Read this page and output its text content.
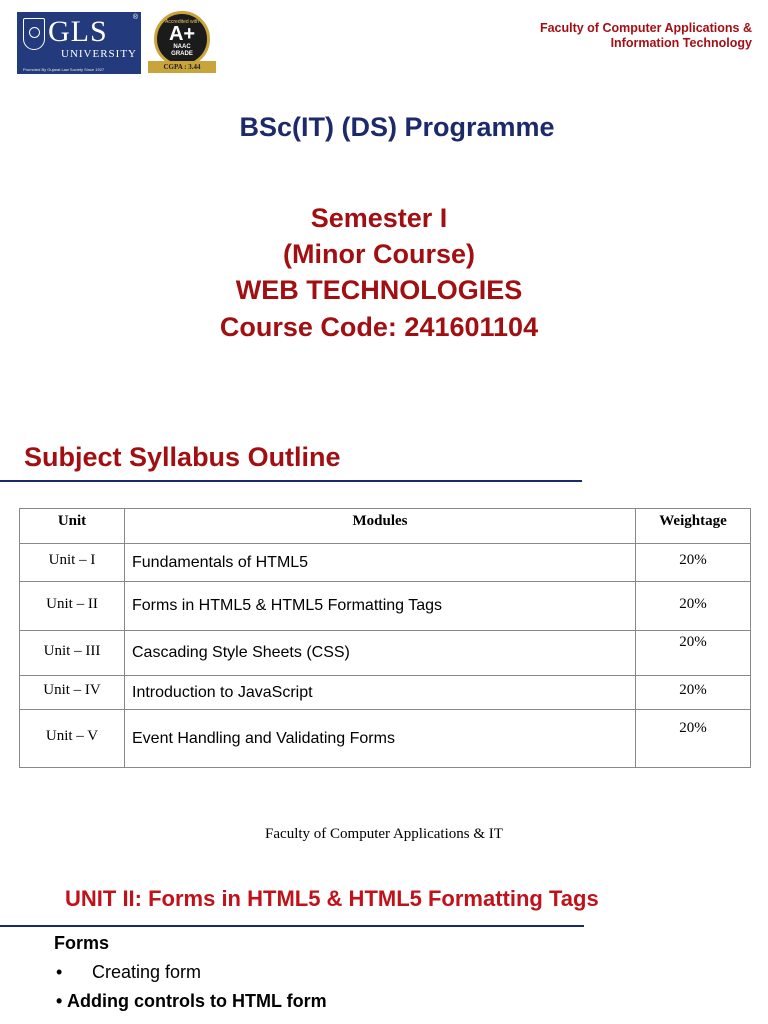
GLS
UNIVERSITY
Promoted By Gujarat Law Society Since 1927
®
Accredited with
A+
NAAC
GRADE
CGPA : 3.44
Faculty of Computer Applications &
Information Technology
BSc(IT) (DS) Programme
Semester I
(Minor Course)
WEB TECHNOLOGIES
Course Code: 241601104
Subject Syllabus Outline
Unit	Modules	Weightage
Unit – I	Fundamentals of HTML5	20%
Unit – II	Forms in HTML5 & HTML5 Formatting Tags	20%
Unit – III	Cascading Style Sheets (CSS)	20%
Unit – IV	Introduction to JavaScript	20%
Unit – V	Event Handling and Validating Forms	20%
Faculty of Computer Applications & IT
UNIT II: Forms in HTML5 & HTML5 Formatting Tags
Forms
• Creating form
• Adding controls to HTML form
